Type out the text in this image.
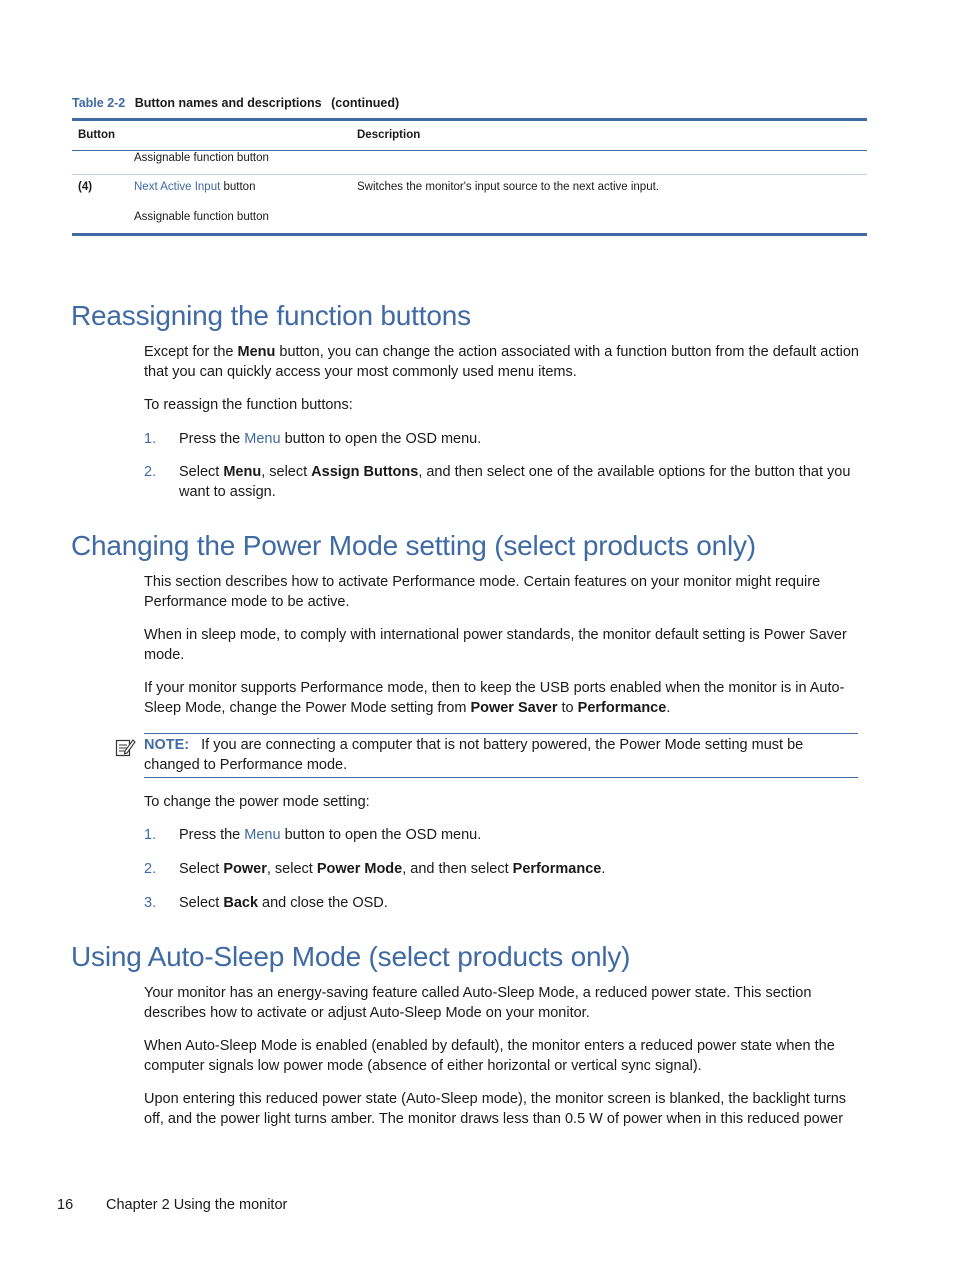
Table 2-2 Button names and descriptions (continued)
Button	Description
Assignable function button
(4)	Next Active Input button	Switches the monitor's input source to the next active input.
Assignable function button
Reassigning the function buttons

Except for the Menu button, you can change the action associated with a function button from the default action that you can quickly access your most commonly used menu items.

To reassign the function buttons:

1. Press the Menu button to open the OSD menu.
2. Select Menu, select Assign Buttons, and then select one of the available options for the button that you want to assign.
Changing the Power Mode setting (select products only)

This section describes how to activate Performance mode. Certain features on your monitor might require Performance mode to be active.

When in sleep mode, to comply with international power standards, the monitor default setting is Power Saver mode.

If your monitor supports Performance mode, then to keep the USB ports enabled when the monitor is in Auto-Sleep Mode, change the Power Mode setting from Power Saver to Performance.

NOTE: If you are connecting a computer that is not battery powered, the Power Mode setting must be changed to Performance mode.

To change the power mode setting:

1. Press the Menu button to open the OSD menu.
2. Select Power, select Power Mode, and then select Performance.
3. Select Back and close the OSD.
Using Auto-Sleep Mode (select products only)

Your monitor has an energy-saving feature called Auto-Sleep Mode, a reduced power state. This section describes how to activate or adjust Auto-Sleep Mode on your monitor.

When Auto-Sleep Mode is enabled (enabled by default), the monitor enters a reduced power state when the computer signals low power mode (absence of either horizontal or vertical sync signal).

Upon entering this reduced power state (Auto-Sleep mode), the monitor screen is blanked, the backlight turns off, and the power light turns amber. The monitor draws less than 0.5 W of power when in this reduced power

16 Chapter 2 Using the monitor
